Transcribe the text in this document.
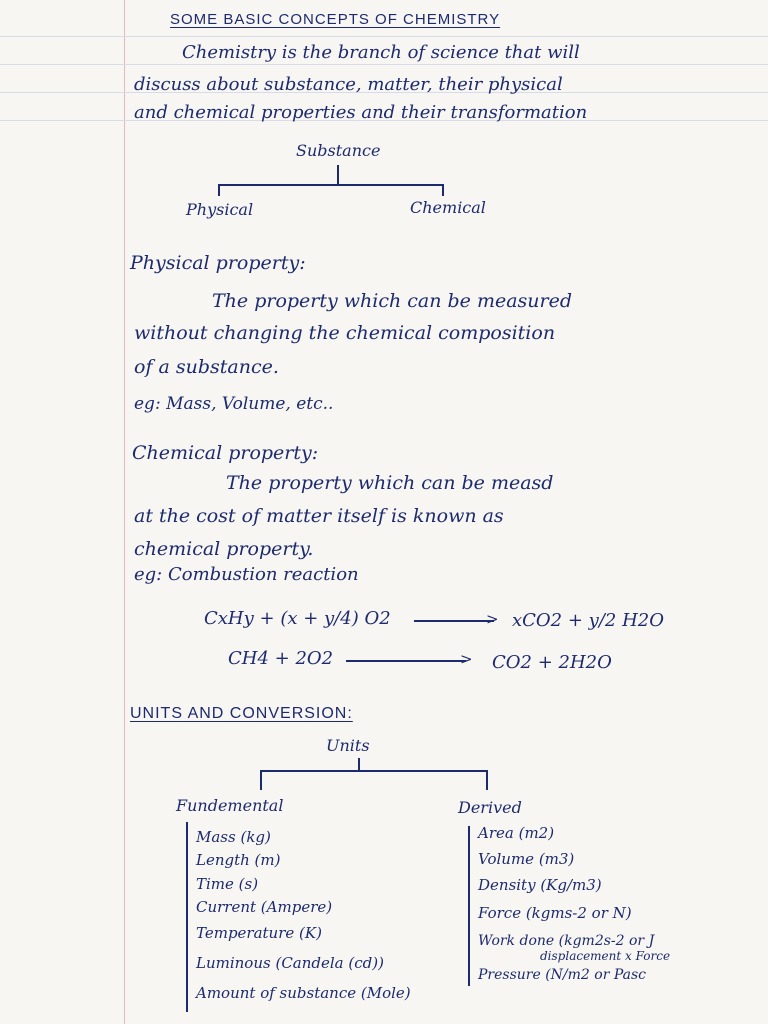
SOME BASIC CONCEPTS OF CHEMISTRY
Chemistry is the branch of science that will
discuss about substance, matter, their physical
and chemical properties and their transformation
Substance
Physical	Chemical
Physical property:
The property which can be measured
without changing the chemical composition
of a substance.
eg: Mass, Volume, etc..
Chemical property:
The property which can be measd
at the cost of matter itself is known as
chemical property.
eg: Combustion reaction
CxHy + (x + y/4) O2	> xCO2 + y/2 H2O
CH4 + 2O2	> CO2 + 2H2O
UNITS AND CONVERSION:
Units
Fundemental	Derived
Mass (kg)
Length (m)
Time (s)
Current (Ampere)
Temperature (K)
Luminous (Candela (cd))
Amount of substance (Mole)
Area (m2)
Volume (m3)
Density (Kg/m3)
Force (kgms-2 or N)
Work done (kgm2s-2 or J
displacement x Force
Pressure (N/m2 or Pasc
